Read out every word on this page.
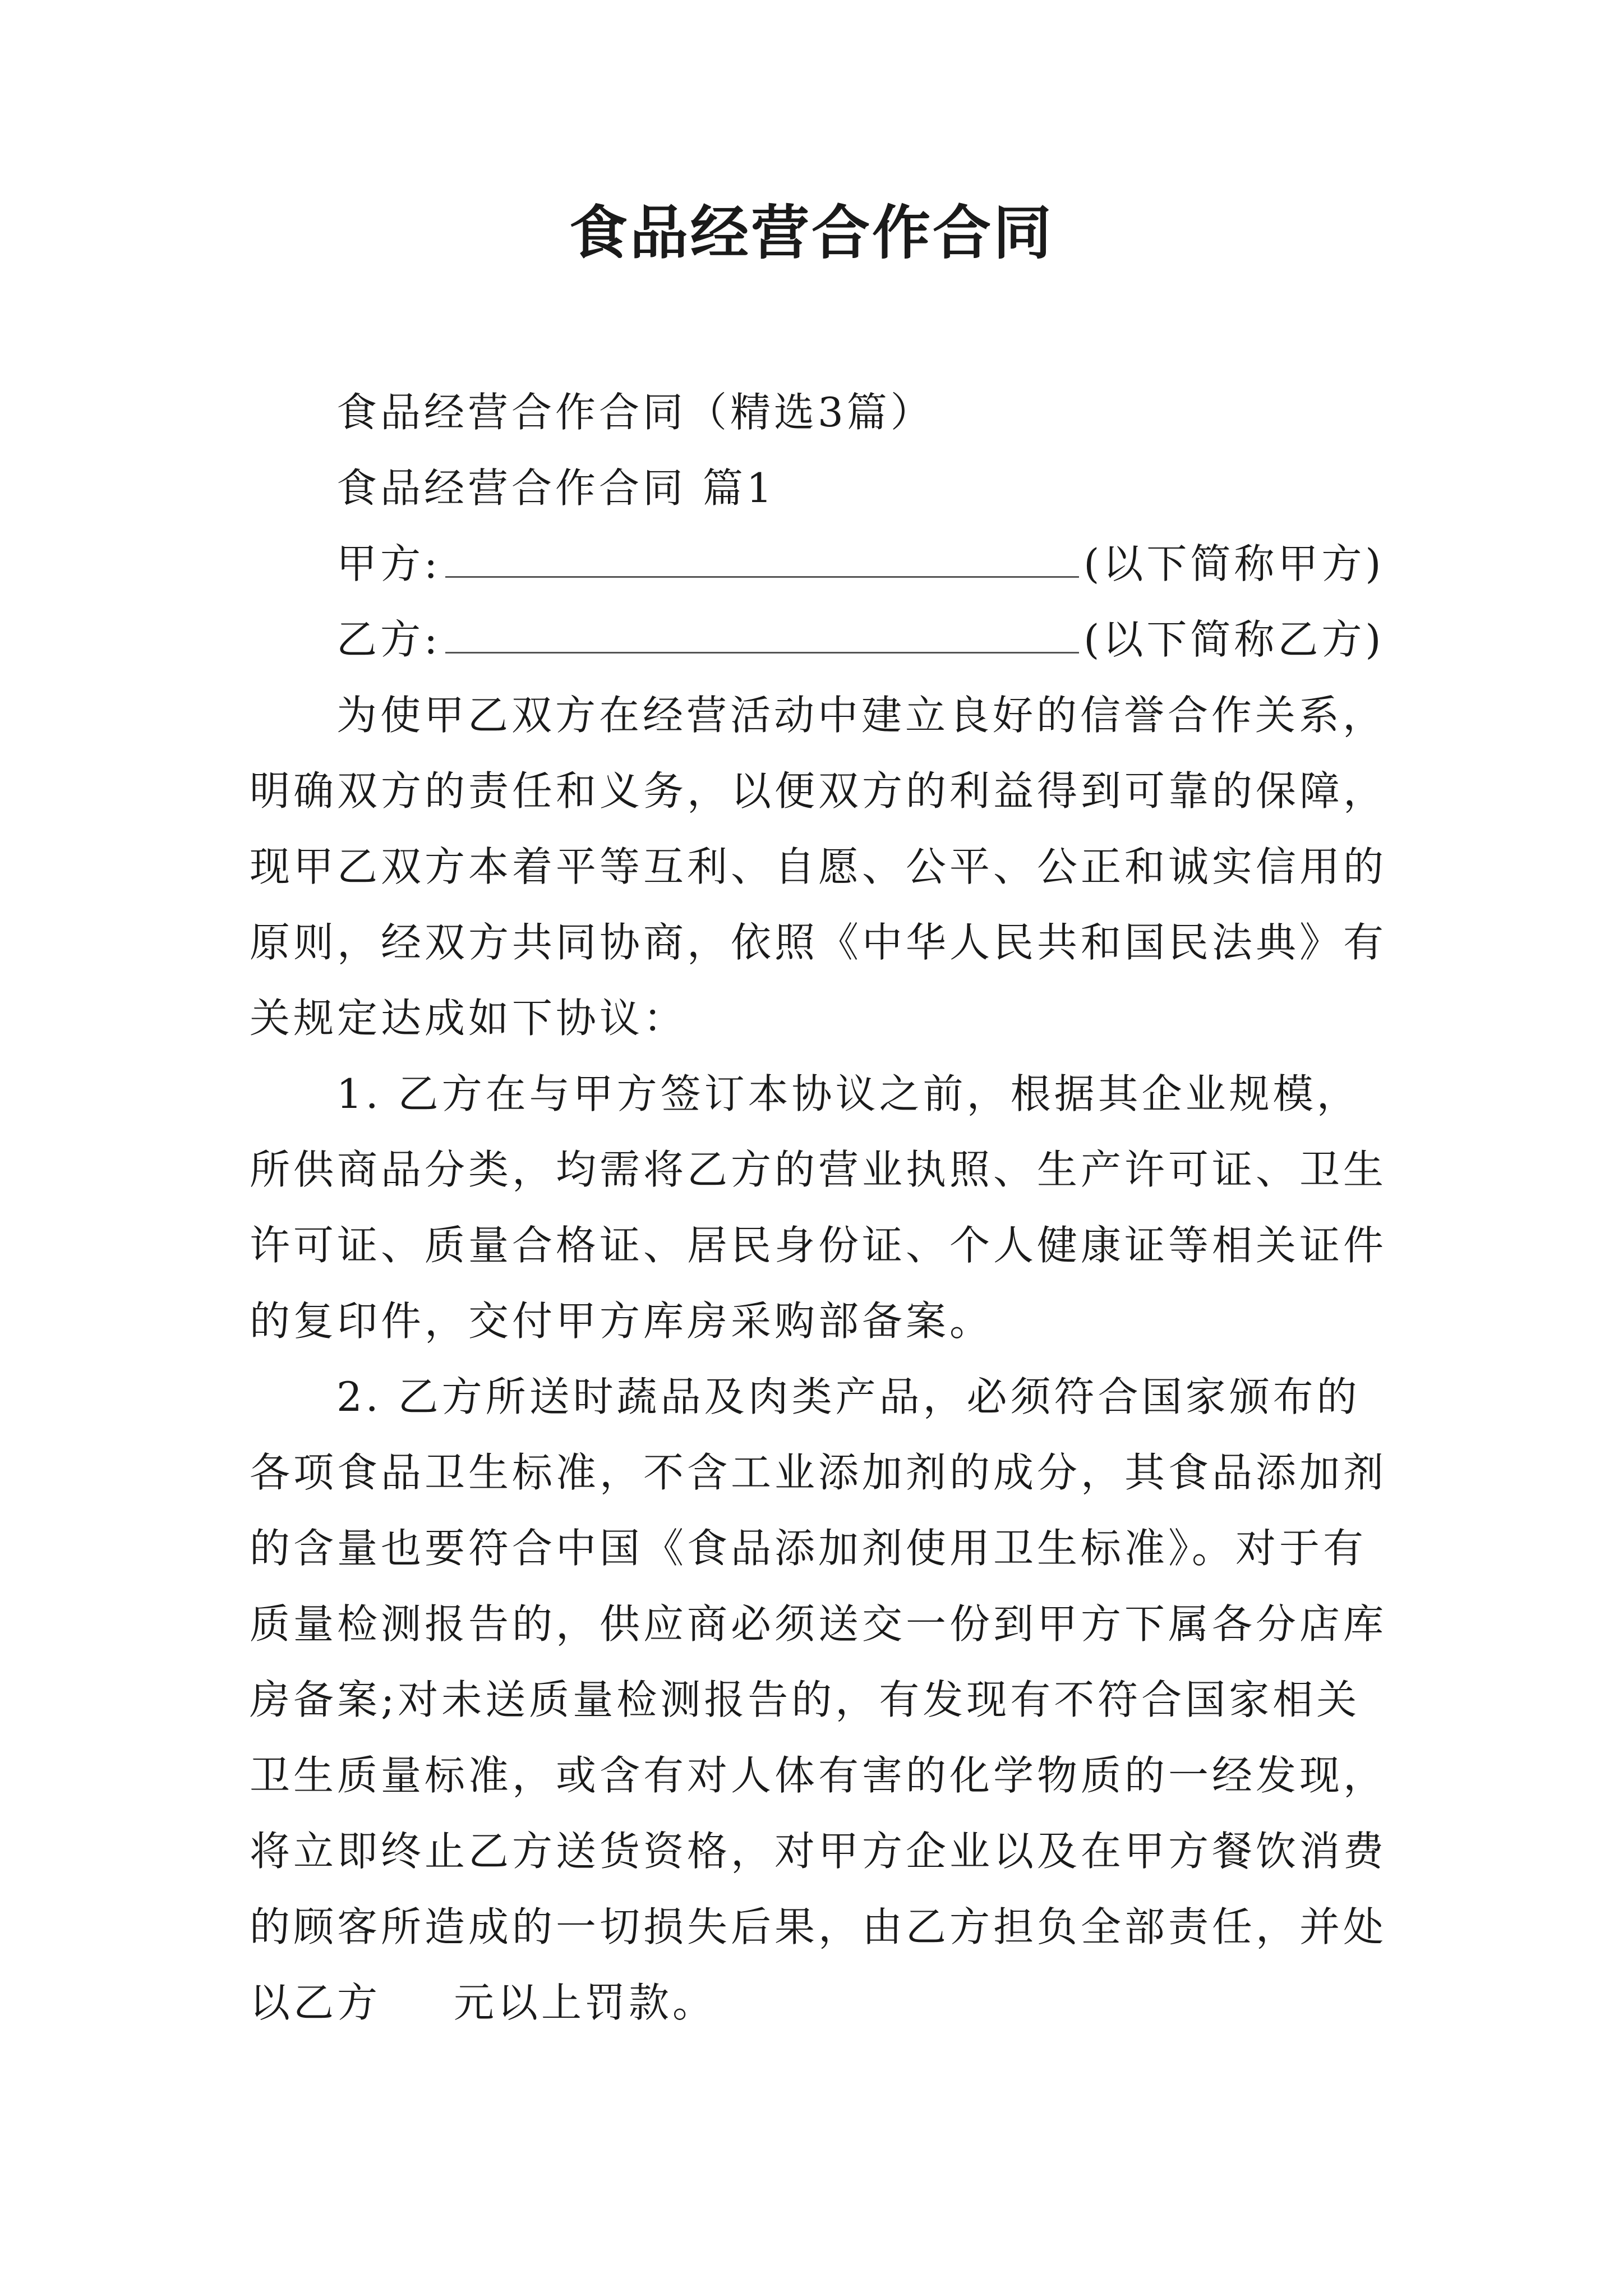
食品经营合作合同
食品经营合作合同（精选3篇）
食品经营合作合同 篇1
甲方:	(以下简称甲方)
乙方:	(以下简称乙方)
为使甲乙双方在经营活动中建立良好的信誉合作关系，
明确双方的责任和义务，以便双方的利益得到可靠的保障，
现甲乙双方本着平等互利、自愿、公平、公正和诚实信用的
原则，经双方共同协商，依照《中华人民共和国民法典》有
关规定达成如下协议：
1. 乙方在与甲方签订本协议之前，根据其企业规模，
所供商品分类，均需将乙方的营业执照、生产许可证、卫生
许可证、质量合格证、居民身份证、个人健康证等相关证件
的复印件，交付甲方库房采购部备案。
2. 乙方所送时蔬品及肉类产品，必须符合国家颁布的
各项食品卫生标准，不含工业添加剂的成分，其食品添加剂
的含量也要符合中国《食品添加剂使用卫生标准》。对于有
质量检测报告的，供应商必须送交一份到甲方下属各分店库
房备案;对未送质量检测报告的，有发现有不符合国家相关
卫生质量标准，或含有对人体有害的化学物质的一经发现，
将立即终止乙方送货资格，对甲方企业以及在甲方餐饮消费
的顾客所造成的一切损失后果，由乙方担负全部责任，并处
以乙方 元以上罚款。
